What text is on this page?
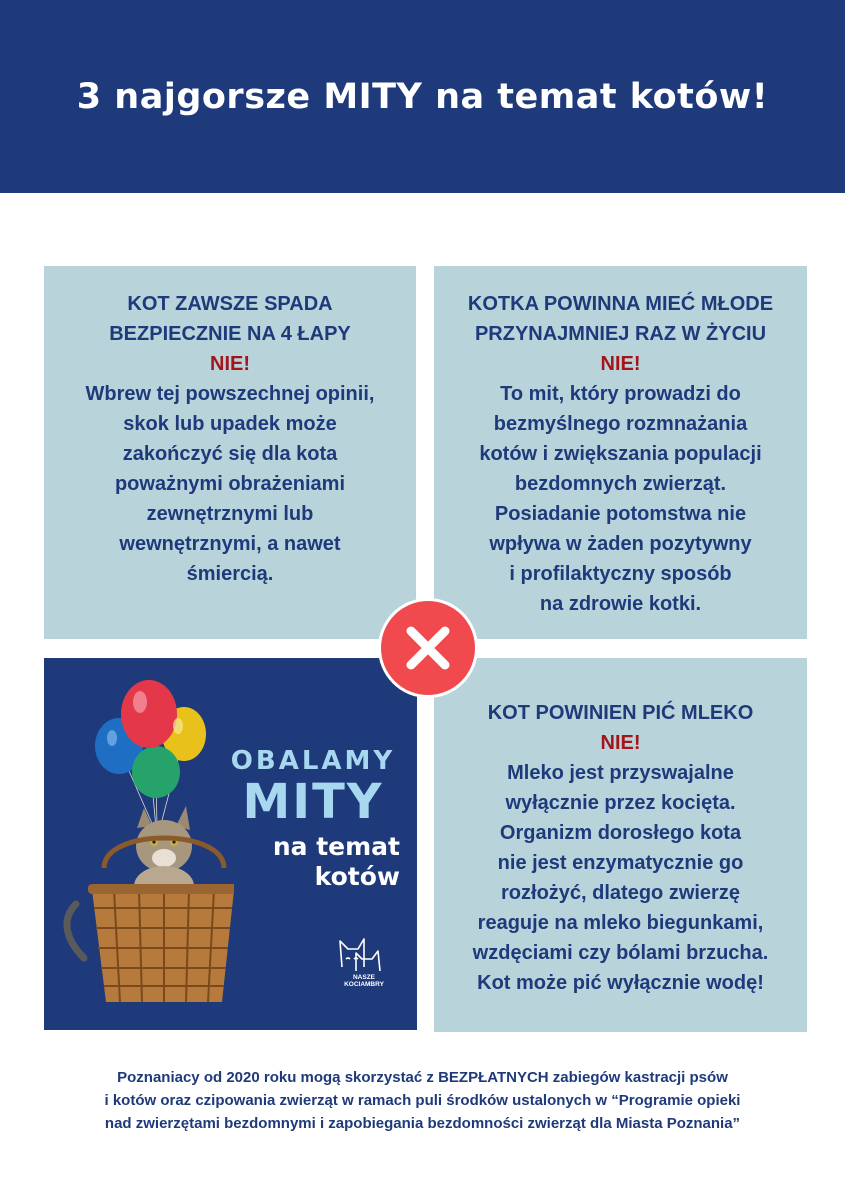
3 najgorsze MITY na temat kotów!
KOT ZAWSZE SPADA
BEZPIECZNIE NA 4 ŁAPY
NIE!
Wbrew tej powszechnej opinii,
skok lub upadek może
zakończyć się dla kota
poważnymi obrażeniami
zewnętrznymi lub
wewnętrznymi, a nawet
śmiercią.
KOTKA POWINNA MIEĆ MŁODE
PRZYNAJMNIEJ RAZ W ŻYCIU
NIE!
To mit, który prowadzi do
bezmyślnego rozmnażania
kotów i zwiększania populacji
bezdomnych zwierząt.
Posiadanie potomstwa nie
wpływa w żaden pozytywny
i profilaktyczny sposób
na zdrowie kotki.
OBALAMY
MITY
na temat
kotów
NASZE
KOCIAMBRY
KOT POWINIEN PIĆ MLEKO
NIE!
Mleko jest przyswajalne
wyłącznie przez kocięta.
Organizm dorosłego kota
nie jest enzymatycznie go
rozłożyć, dlatego zwierzę
reaguje na mleko biegunkami,
wzdęciami czy bólami brzucha.
Kot może pić wyłącznie wodę!
Poznaniacy od 2020 roku mogą skorzystać z BEZPŁATNYCH zabiegów kastracji psów
i kotów oraz czipowania zwierząt w ramach puli środków ustalonych w “Programie opieki
nad zwierzętami bezdomnymi i zapobiegania bezdomności zwierząt dla Miasta Poznania”
